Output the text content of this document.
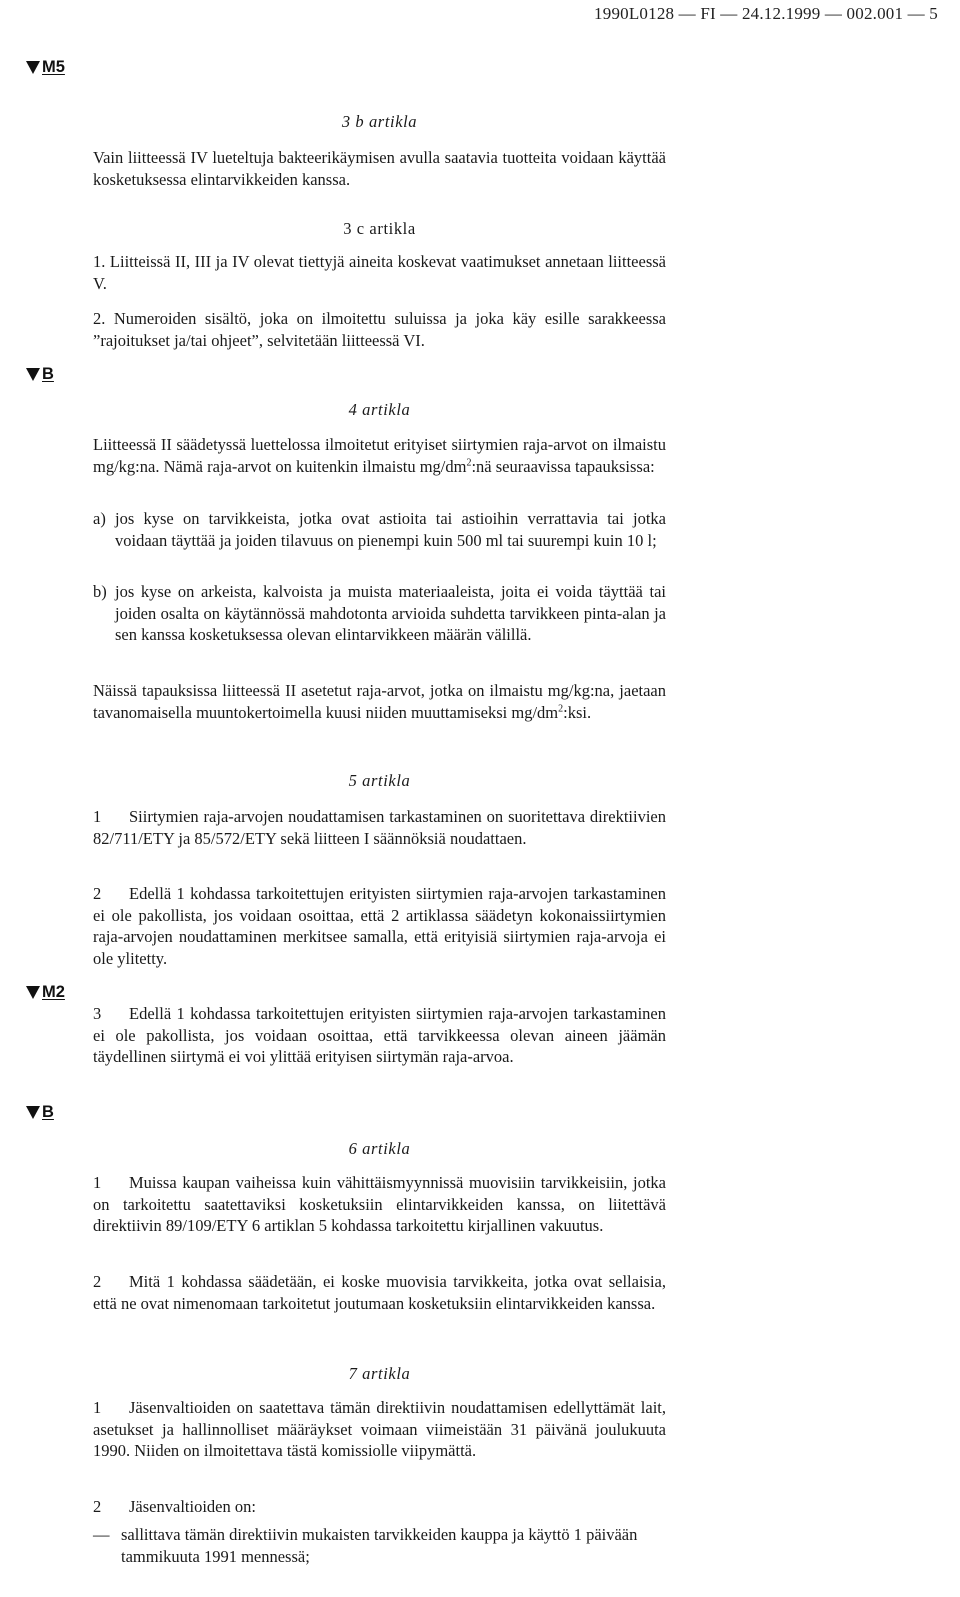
1990L0128 — FI — 24.12.1999 — 002.001 — 5
M5
B
M2
B
3 b artikla
Vain liitteessä IV lueteltuja bakteerikäymisen avulla saatavia tuotteita voidaan käyttää kosketuksessa elintarvikkeiden kanssa.
3 c artikla
1. Liitteissä II, III ja IV olevat tiettyjä aineita koskevat vaatimukset annetaan liitteessä V.
2. Numeroiden sisältö, joka on ilmoitettu suluissa ja joka käy esille sarakkeessa ”rajoitukset ja/tai ohjeet”, selvitetään liitteessä VI.
4 artikla
Liitteessä II säädetyssä luettelossa ilmoitetut erityiset siirtymien raja-arvot on ilmaistu mg/kg:na. Nämä raja-arvot on kuitenkin ilmaistu $mg/dm^2:nä$ seuraavissa tapauksissa:
a) jos kyse on tarvikkeista, jotka ovat astioita tai astioihin verrattavia tai jotka voidaan täyttää ja joiden tilavuus on pienempi kuin 500 ml tai suurempi kuin 10 l;
b) jos kyse on arkeista, kalvoista ja muista materiaaleista, joita ei voida täyttää tai joiden osalta on käytännössä mahdotonta arvioida suhdetta tarvikkeen pinta-alan ja sen kanssa kosketuksessa olevan elintarvikkeen määrän välillä.
Näissä tapauksissa liitteessä II asetetut raja-arvot, jotka on ilmaistu mg/kg:na, jaetaan tavanomaisella muuntokertoimella kuusi niiden muuttamiseksi $mg/dm^2:ksi$.
5 artikla
1 Siirtymien raja-arvojen noudattamisen tarkastaminen on suoritettava direktiivien 82/711/ETY ja 85/572/ETY sekä liitteen I säännöksiä noudattaen.
2 Edellä 1 kohdassa tarkoitettujen erityisten siirtymien raja-arvojen tarkastaminen ei ole pakollista, jos voidaan osoittaa, että 2 artiklassa säädetyn kokonaissiirtymien raja-arvojen noudattaminen merkitsee samalla, että erityisiä siirtymien raja-arvoja ei ole ylitetty.
3 Edellä 1 kohdassa tarkoitettujen erityisten siirtymien raja-arvojen tarkastaminen ei ole pakollista, jos voidaan osoittaa, että tarvikkeessa olevan aineen jäämän täydellinen siirtymä ei voi ylittää erityisen siirtymän raja-arvoa.
6 artikla
1 Muissa kaupan vaiheissa kuin vähittäismyynnissä muovisiin tarvikkeisiin, jotka on tarkoitettu saatettaviksi kosketuksiin elintarvikkeiden kanssa, on liitettävä direktiivin 89/109/ETY 6 artiklan 5 kohdassa tarkoitettu kirjallinen vakuutus.
2 Mitä 1 kohdassa säädetään, ei koske muovisia tarvikkeita, jotka ovat sellaisia, että ne ovat nimenomaan tarkoitetut joutumaan kosketuksiin elintarvikkeiden kanssa.
7 artikla
1 Jäsenvaltioiden on saatettava tämän direktiivin noudattamisen edellyttämät lait, asetukset ja hallinnolliset määräykset voimaan viimeistään 31 päivänä joulukuuta 1990. Niiden on ilmoitettava tästä komissiolle viipymättä.
2 Jäsenvaltioiden on:
— sallittava tämän direktiivin mukaisten tarvikkeiden kauppa ja käyttö 1 päivään tammikuuta 1991 mennessä;
